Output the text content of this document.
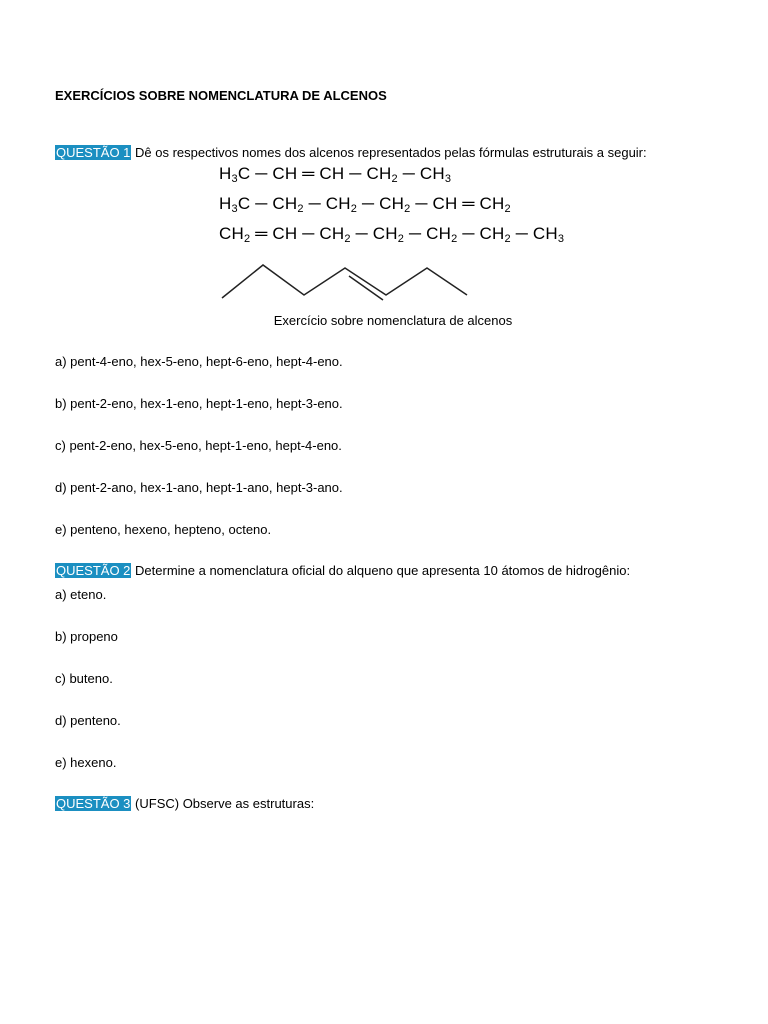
EXERCÍCIOS SOBRE NOMENCLATURA DE ALCENOS
QUESTÃO 1 Dê os respectivos nomes dos alcenos representados pelas fórmulas estruturais a seguir:
$H_3C$ ─ CH ═ CH ─ $CH_2$ ─ $CH_3$
$H_3C$ ─ $CH_2$ ─ $CH_2$ ─ $CH_2$ ─ CH ═ $CH_2$
$CH_2$ ═ CH ─ $CH_2$ ─ $CH_2$ ─ $CH_2$ ─ $CH_2$ ─ $CH_3$
Exercício sobre nomenclatura de alcenos
a) pent-4-eno, hex-5-eno, hept-6-eno, hept-4-eno.
b) pent-2-eno, hex-1-eno, hept-1-eno, hept-3-eno.
c) pent-2-eno, hex-5-eno, hept-1-eno, hept-4-eno.
d) pent-2-ano, hex-1-ano, hept-1-ano, hept-3-ano.
e) penteno, hexeno, hepteno, octeno.
QUESTÃO 2 Determine a nomenclatura oficial do alqueno que apresenta 10 átomos de hidrogênio:
a) eteno.
b) propeno
c) buteno.
d) penteno.
e) hexeno.
QUESTÃO 3 (UFSC) Observe as estruturas:
